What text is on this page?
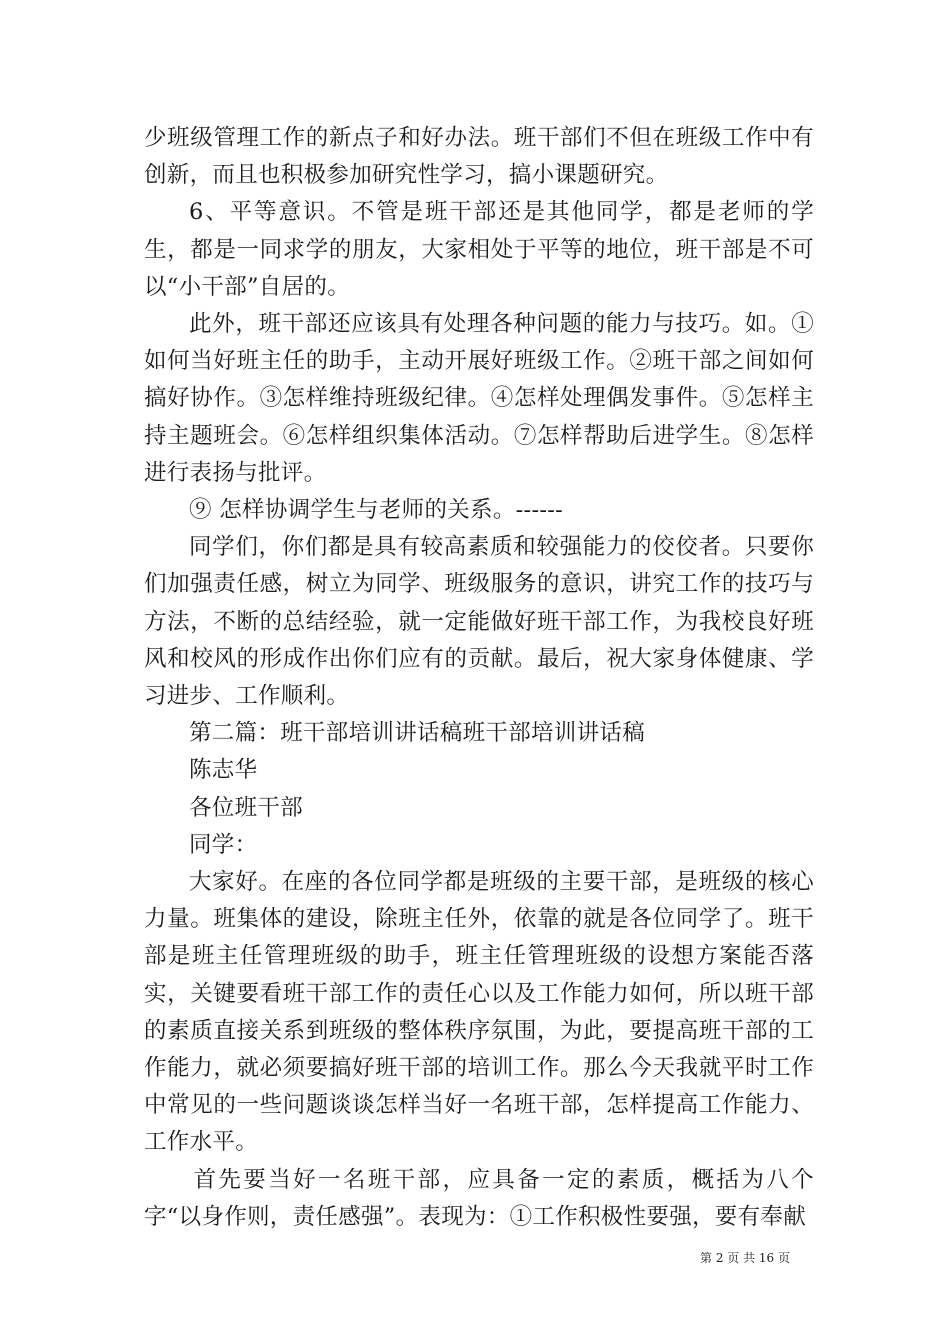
少班级管理工作的新点子和好办法。班干部们不但在班级工作中有创新，而且也积极参加研究性学习，搞小课题研究。

6、平等意识。不管是班干部还是其他同学，都是老师的学生，都是一同求学的朋友，大家相处于平等的地位，班干部是不可以“小干部”自居的。

此外，班干部还应该具有处理各种问题的能力与技巧。如。①如何当好班主任的助手，主动开展好班级工作。②班干部之间如何搞好协作。③怎样维持班级纪律。④怎样处理偶发事件。⑤怎样主持主题班会。⑥怎样组织集体活动。⑦怎样帮助后进学生。⑧怎样进行表扬与批评。

⑨ 怎样协调学生与老师的关系。------

同学们，你们都是具有较高素质和较强能力的佼佼者。只要你们加强责任感，树立为同学、班级服务的意识，讲究工作的技巧与方法，不断的总结经验，就一定能做好班干部工作，为我校良好班风和校风的形成作出你们应有的贡献。最后，祝大家身体健康、学习进步、工作顺利。

第二篇：班干部培训讲话稿班干部培训讲话稿

陈志华

各位班干部

同学：

大家好。在座的各位同学都是班级的主要干部，是班级的核心力量。班集体的建设，除班主任外，依靠的就是各位同学了。班干部是班主任管理班级的助手，班主任管理班级的设想方案能否落实，关键要看班干部工作的责任心以及工作能力如何，所以班干部的素质直接关系到班级的整体秩序氛围，为此，要提高班干部的工作能力，就必须要搞好班干部的培训工作。那么今天我就平时工作中常见的一些问题谈谈怎样当好一名班干部，怎样提高工作能力、工作水平。

首先要当好一名班干部，应具备一定的素质，概括为八个字“以身作则，责任感强”。表现为：①工作积极性要强，要有奉献

第 2 页 共 16 页
